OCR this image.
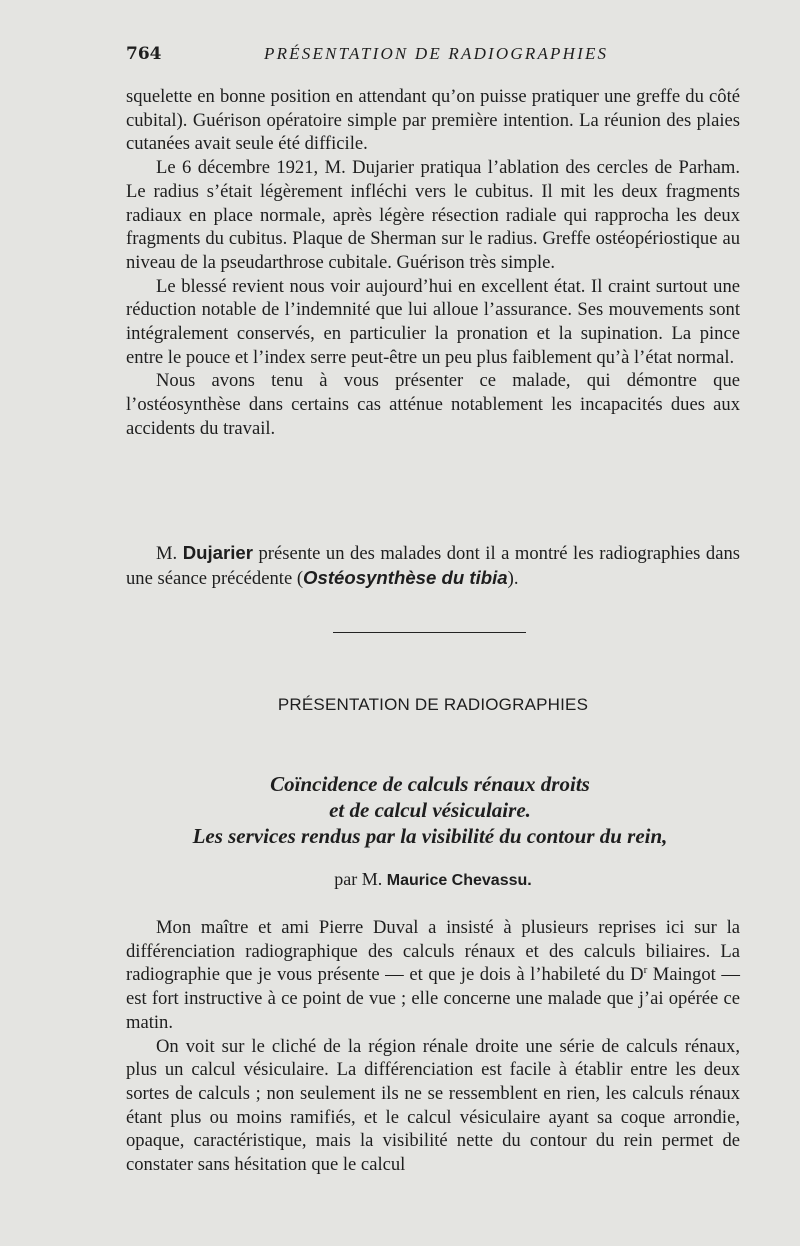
764	PRÉSENTATION DE RADIOGRAPHIES

squelette en bonne position en attendant qu’on puisse pratiquer une greffe du côté cubital). Guérison opératoire simple par première intention. La réunion des plaies cutanées avait seule été difficile.

Le 6 décembre 1921, M. Dujarier pratiqua l’ablation des cercles de Parham. Le radius s’était légèrement infléchi vers le cubitus. Il mit les deux fragments radiaux en place normale, après légère résection radiale qui rapprocha les deux fragments du cubitus. Plaque de Sherman sur le radius. Greffe ostéopériostique au niveau de la pseudarthrose cubitale. Guérison très simple.

Le blessé revient nous voir aujourd’hui en excellent état. Il craint surtout une réduction notable de l’indemnité que lui alloue l’assurance. Ses mouvements sont intégralement conservés, en particulier la pronation et la supination. La pince entre le pouce et l’index serre peut-être un peu plus faiblement qu’à l’état normal.

Nous avons tenu à vous présenter ce malade, qui démontre que l’ostéosynthèse dans certains cas atténue notablement les incapacités dues aux accidents du travail.

M. Dujarier présente un des malades dont il a montré les radiographies dans une séance précédente (Ostéosynthèse du tibia).

PRÉSENTATION DE RADIOGRAPHIES
Coïncidence de calculs rénaux droits
et de calcul vésiculaire.
Les services rendus par la visibilité du contour du rein,
par M. Maurice Chevassu.

Mon maître et ami Pierre Duval a insisté à plusieurs reprises ici sur la différenciation radiographique des calculs rénaux et des calculs biliaires. La radiographie que je vous présente — et que je dois à l’habileté du $D^r$ Maingot — est fort instructive à ce point de vue ; elle concerne une malade que j’ai opérée ce matin.

On voit sur le cliché de la région rénale droite une série de calculs rénaux, plus un calcul vésiculaire. La différenciation est facile à établir entre les deux sortes de calculs ; non seulement ils ne se ressemblent en rien, les calculs rénaux étant plus ou moins ramifiés, et le calcul vésiculaire ayant sa coque arrondie, opaque, caractéristique, mais la visibilité nette du contour du rein permet de constater sans hésitation que le calcul
